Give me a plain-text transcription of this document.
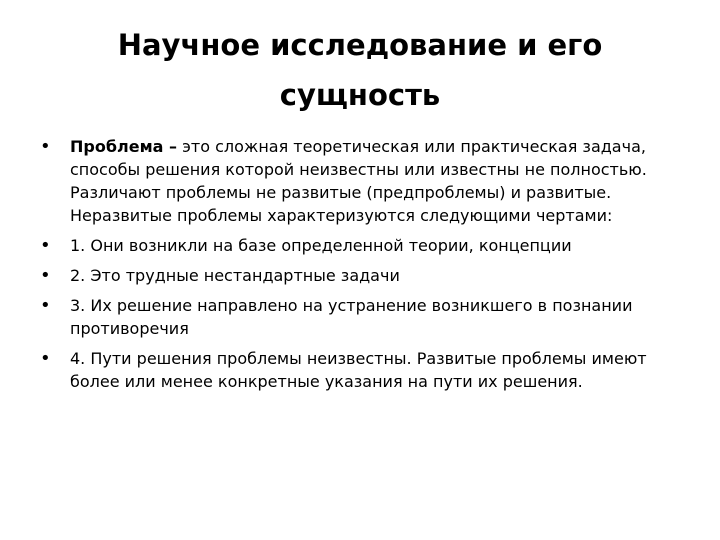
Научное исследование и его
сущность
•	Проблема – это сложная теоретическая или практическая задача, способы решения которой неизвестны или известны не полностью. Различают проблемы не развитые (предпроблемы) и развитые. Неразвитые проблемы характеризуются следующими чертами:
•	1. Они возникли на базе определенной теории, концепции
•	2. Это трудные нестандартные задачи
•	3. Их решение направлено на устранение возникшего в познании противоречия
•	4. Пути решения проблемы неизвестны. Развитые проблемы имеют более или менее конкретные указания на пути их решения.
